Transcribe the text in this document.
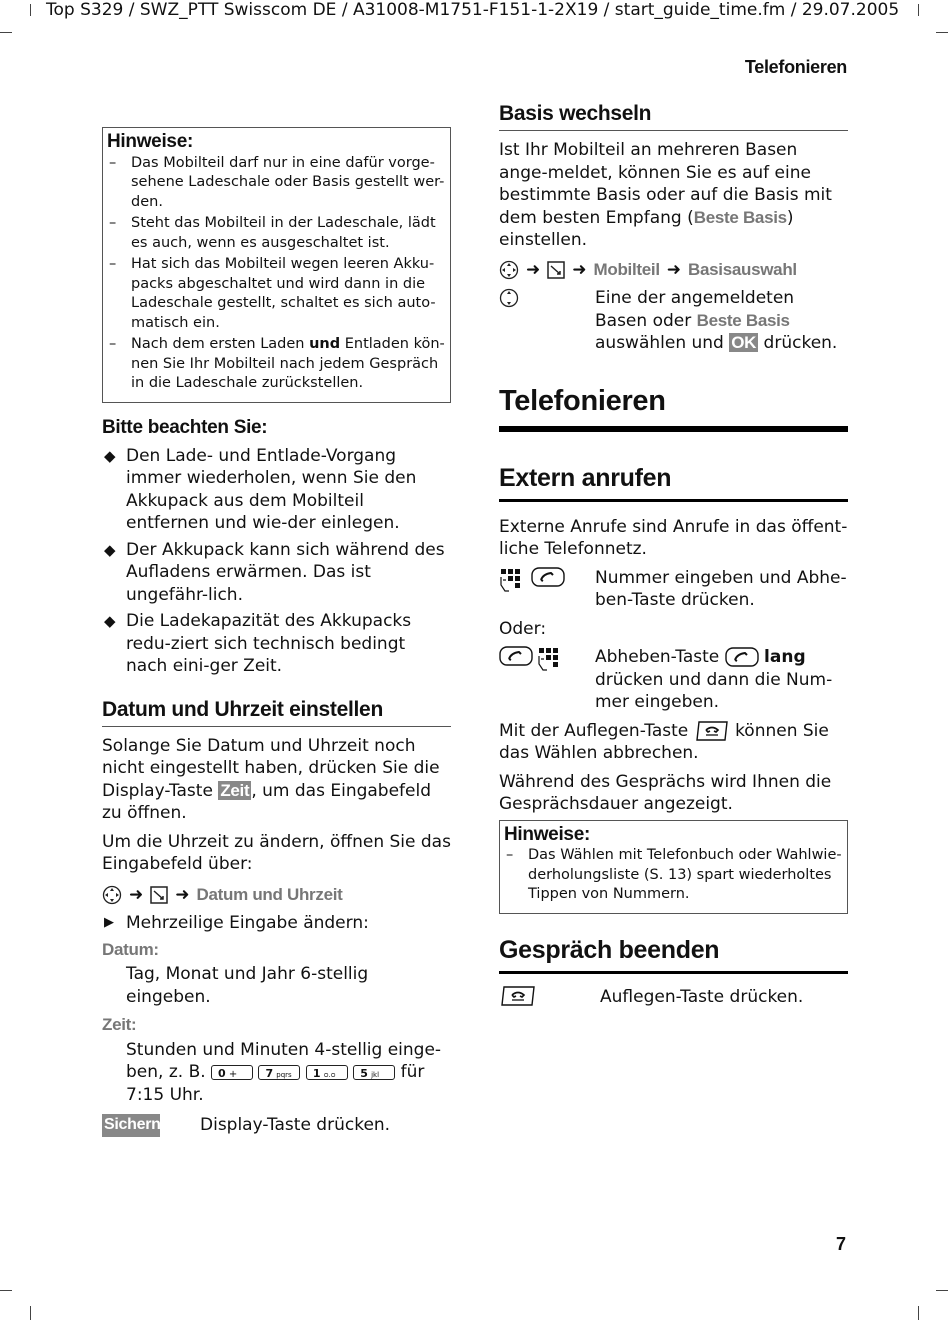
Top S329 / SWZ_PTT Swisscom DE / A31008-M1751-F151-1-2X19 / start_guide_time.fm / 29.07.2005
Telefonieren
Hinweise:
– Das Mobilteil darf nur in eine dafür vorge-sehene Ladeschale oder Basis gestellt wer-den.
– Steht das Mobilteil in der Ladeschale, lädt es auch, wenn es ausgeschaltet ist.
– Hat sich das Mobilteil wegen leeren Akku-packs abgeschaltet und wird dann in die Ladeschale gestellt, schaltet es sich auto-matisch ein.
– Nach dem ersten Laden und Entladen kön-nen Sie Ihr Mobilteil nach jedem Gespräch in die Ladeschale zurückstellen.
Bitte beachten Sie:
◆ Den Lade- und Entlade-Vorgang immer wiederholen, wenn Sie den Akkupack aus dem Mobilteil entfernen und wie-der einlegen.
◆ Der Akkupack kann sich während des Aufladens erwärmen. Das ist ungefähr-lich.
◆ Die Ladekapazität des Akkupacks redu-ziert sich technisch bedingt nach eini-ger Zeit.
Datum und Uhrzeit einstellen

Solange Sie Datum und Uhrzeit noch nicht eingestellt haben, drücken Sie die Display-Taste Zeit , um das Eingabefeld zu öffnen.

Um die Uhrzeit zu ändern, öffnen Sie das Eingabefeld über:

➜ ➜ Datum und Uhrzeit
▶ Mehrzeilige Eingabe ändern:
Datum:
Tag, Monat und Jahr 6-stellig eingeben.
Zeit:
Stunden und Minuten 4-stellig einge-ben, z. B. 0 +	7 pqrs 1 ᴑ.ᴑ 5 jkl für
7:15 Uhr.
Sichern Display-Taste drücken.
Basis wechseln

Ist Ihr Mobilteil an mehreren Basen ange-meldet, können Sie es auf eine bestimmte Basis oder auf die Basis mit dem besten Empfang (Beste Basis) einstellen.

➜ ➜ Mobilteil ➜ Basisauswahl
Eine der angemeldeten Basen oder Beste Basis auswählen und OK drücken.
Telefonieren
Extern anrufen

Externe Anrufe sind Anrufe in das öffent-liche Telefonnetz.

Nummer eingeben und Abhe-ben-Taste drücken.

Oder:

Abheben-Taste	lang drücken und dann die Num-mer eingeben.

Mit der Auflegen-Taste	können Sie das Wählen abbrechen.

Während des Gesprächs wird Ihnen die Gesprächsdauer angezeigt.

Hinweise:
– Das Wählen mit Telefonbuch oder Wahlwie-derholungsliste (S. 13) spart wiederholtes Tippen von Nummern.
Gespräch beenden
Auflegen-Taste drücken.
7
